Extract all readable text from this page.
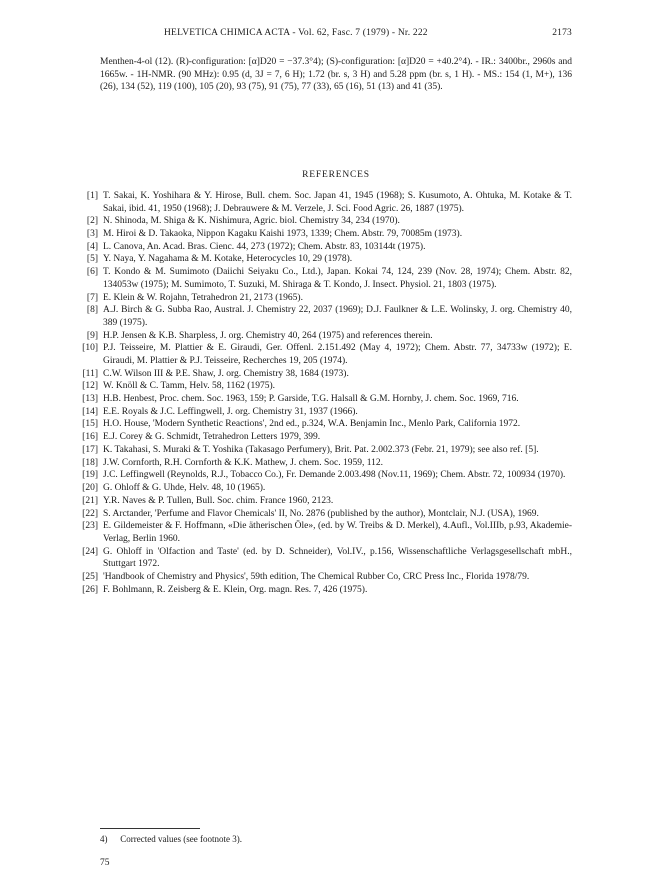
HELVETICA CHIMICA ACTA - Vol. 62, Fasc. 7 (1979) - Nr. 222	2173

Menthen-4-ol (12). (R)-configuration: [α]D20 = −37.3°4); (S)-configuration: [α]D20 = +40.2°4). - IR.: 3400br., 2960s and 1665w. - 1H-NMR. (90 MHz): 0.95 (d, 3J = 7, 6 H); 1.72 (br. s, 3 H) and 5.28 ppm (br. s, 1 H). - MS.: 154 (1, M+), 136 (26), 134 (52), 119 (100), 105 (20), 93 (75), 91 (75), 77 (33), 65 (16), 51 (13) and 41 (35).

REFERENCES
[1] T. Sakai, K. Yoshihara & Y. Hirose, Bull. chem. Soc. Japan 41, 1945 (1968); S. Kusumoto, A. Ohtuka, M. Kotake & T. Sakai, ibid. 41, 1950 (1968); J. Debrauwere & M. Verzele, J. Sci. Food Agric. 26, 1887 (1975).
[2] N. Shinoda, M. Shiga & K. Nishimura, Agric. biol. Chemistry 34, 234 (1970).
[3] M. Hiroi & D. Takaoka, Nippon Kagaku Kaishi 1973, 1339; Chem. Abstr. 79, 70085m (1973).
[4] L. Canova, An. Acad. Bras. Cienc. 44, 273 (1972); Chem. Abstr. 83, 103144t (1975).
[5] Y. Naya, Y. Nagahama & M. Kotake, Heterocycles 10, 29 (1978).
[6] T. Kondo & M. Sumimoto (Daiichi Seiyaku Co., Ltd.), Japan. Kokai 74, 124, 239 (Nov. 28, 1974); Chem. Abstr. 82, 134053w (1975); M. Sumimoto, T. Suzuki, M. Shiraga & T. Kondo, J. Insect. Physiol. 21, 1803 (1975).
[7] E. Klein & W. Rojahn, Tetrahedron 21, 2173 (1965).
[8] A.J. Birch & G. Subba Rao, Austral. J. Chemistry 22, 2037 (1969); D.J. Faulkner & L.E. Wolinsky, J. org. Chemistry 40, 389 (1975).
[9] H.P. Jensen & K.B. Sharpless, J. org. Chemistry 40, 264 (1975) and references therein.
[10] P.J. Teisseire, M. Plattier & E. Giraudi, Ger. Offenl. 2.151.492 (May 4, 1972); Chem. Abstr. 77, 34733w (1972); E. Giraudi, M. Plattier & P.J. Teisseire, Recherches 19, 205 (1974).
[11] C.W. Wilson III & P.E. Shaw, J. org. Chemistry 38, 1684 (1973).
[12] W. Knöll & C. Tamm, Helv. 58, 1162 (1975).
[13] H.B. Henbest, Proc. chem. Soc. 1963, 159; P. Garside, T.G. Halsall & G.M. Hornby, J. chem. Soc. 1969, 716.
[14] E.E. Royals & J.C. Leffingwell, J. org. Chemistry 31, 1937 (1966).
[15] H.O. House, 'Modern Synthetic Reactions', 2nd ed., p.324, W.A. Benjamin Inc., Menlo Park, California 1972.
[16] E.J. Corey & G. Schmidt, Tetrahedron Letters 1979, 399.
[17] K. Takahasi, S. Muraki & T. Yoshika (Takasago Perfumery), Brit. Pat. 2.002.373 (Febr. 21, 1979); see also ref. [5].
[18] J.W. Cornforth, R.H. Cornforth & K.K. Mathew, J. chem. Soc. 1959, 112.
[19] J.C. Leffingwell (Reynolds, R.J., Tobacco Co.), Fr. Demande 2.003.498 (Nov.11, 1969); Chem. Abstr. 72, 100934 (1970).
[20] G. Ohloff & G. Uhde, Helv. 48, 10 (1965).
[21] Y.R. Naves & P. Tullen, Bull. Soc. chim. France 1960, 2123.
[22] S. Arctander, 'Perfume and Flavor Chemicals' II, No. 2876 (published by the author), Montclair, N.J. (USA), 1969.
[23] E. Gildemeister & F. Hoffmann, «Die ätherischen Öle», (ed. by W. Treibs & D. Merkel), 4.Aufl., Vol.IIIb, p.93, Akademie-Verlag, Berlin 1960.
[24] G. Ohloff in 'Olfaction and Taste' (ed. by D. Schneider), Vol.IV., p.156, Wissenschaftliche Verlagsgesellschaft mbH., Stuttgart 1972.
[25] 'Handbook of Chemistry and Physics', 59th edition, The Chemical Rubber Co, CRC Press Inc., Florida 1978/79.
[26] F. Bohlmann, R. Zeisberg & E. Klein, Org. magn. Res. 7, 426 (1975).
4) Corrected values (see footnote 3).
75
